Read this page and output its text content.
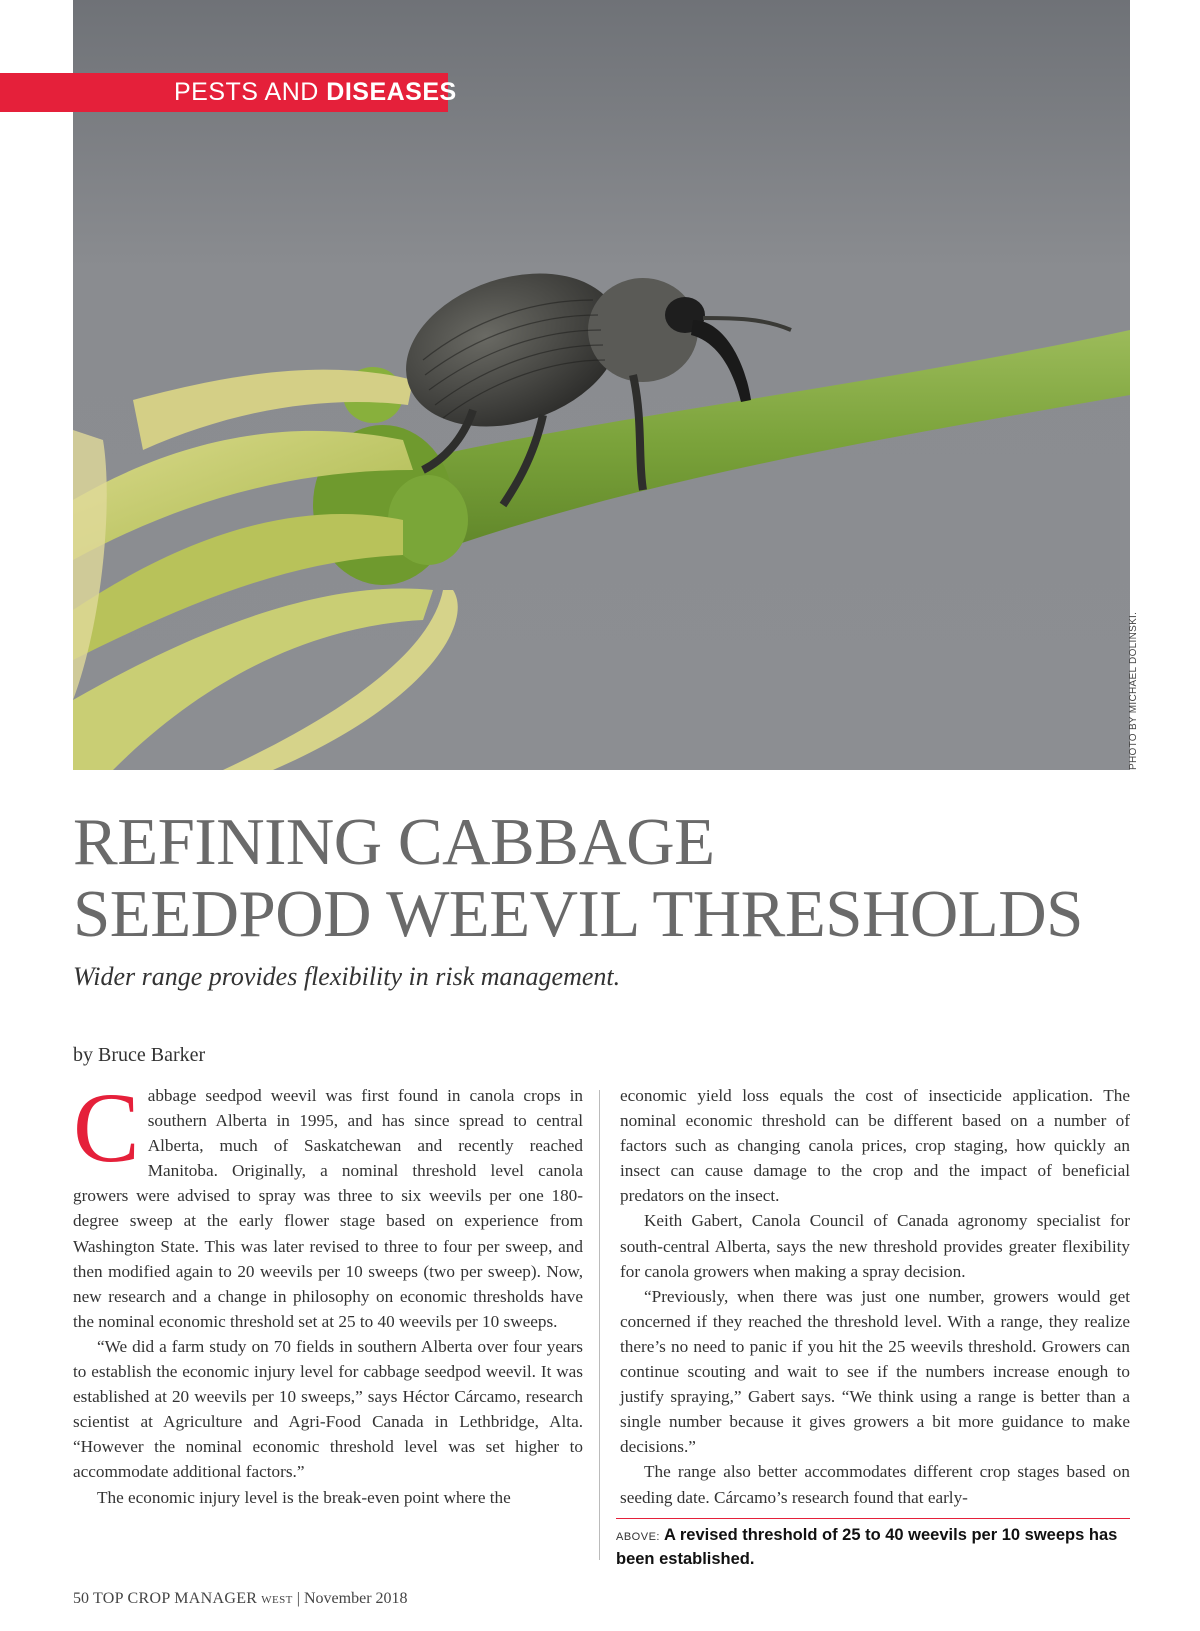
PESTS AND DISEASES
PHOTO BY MICHAEL DOLINSKI.
REFINING CABBAGE
SEEDPOD WEEVIL THRESHOLDS
Wider range provides flexibility in risk management.
by Bruce Barker

Cabbage seedpod weevil was first found in canola crops in southern Alberta in 1995, and has since spread to central Alberta, much of Saskatchewan and recently reached Manitoba. Originally, a nominal threshold level canola growers were advised to spray was three to six weevils per one 180-degree sweep at the early flower stage based on experience from Washington State. This was later revised to three to four per sweep, and then modified again to 20 weevils per 10 sweeps (two per sweep). Now, new research and a change in philosophy on economic thresholds have the nominal economic threshold set at 25 to 40 weevils per 10 sweeps.

“We did a farm study on 70 fields in southern Alberta over four years to establish the economic injury level for cabbage seedpod weevil. It was established at 20 weevils per 10 sweeps,” says Héctor Cárcamo, research scientist at Agriculture and Agri-Food Canada in Lethbridge, Alta. “However the nominal economic threshold level was set higher to accommodate additional factors.”

The economic injury level is the break-even point where the

economic yield loss equals the cost of insecticide application. The nominal economic threshold can be different based on a number of factors such as changing canola prices, crop staging, how quickly an insect can cause damage to the crop and the impact of beneficial predators on the insect.

Keith Gabert, Canola Council of Canada agronomy specialist for south-central Alberta, says the new threshold provides greater flexibility for canola growers when making a spray decision.

“Previously, when there was just one number, growers would get concerned if they reached the threshold level. With a range, they realize there’s no need to panic if you hit the 25 weevils threshold. Growers can continue scouting and wait to see if the numbers increase enough to justify spraying,” Gabert says. “We think using a range is better than a single number because it gives growers a bit more guidance to make decisions.”

The range also better accommodates different crop stages based on seeding date. Cárcamo’s research found that early-

ABOVE: A revised threshold of 25 to 40 weevils per 10 sweeps has been established.
50 TOP CROP MANAGER WEST | November 2018
